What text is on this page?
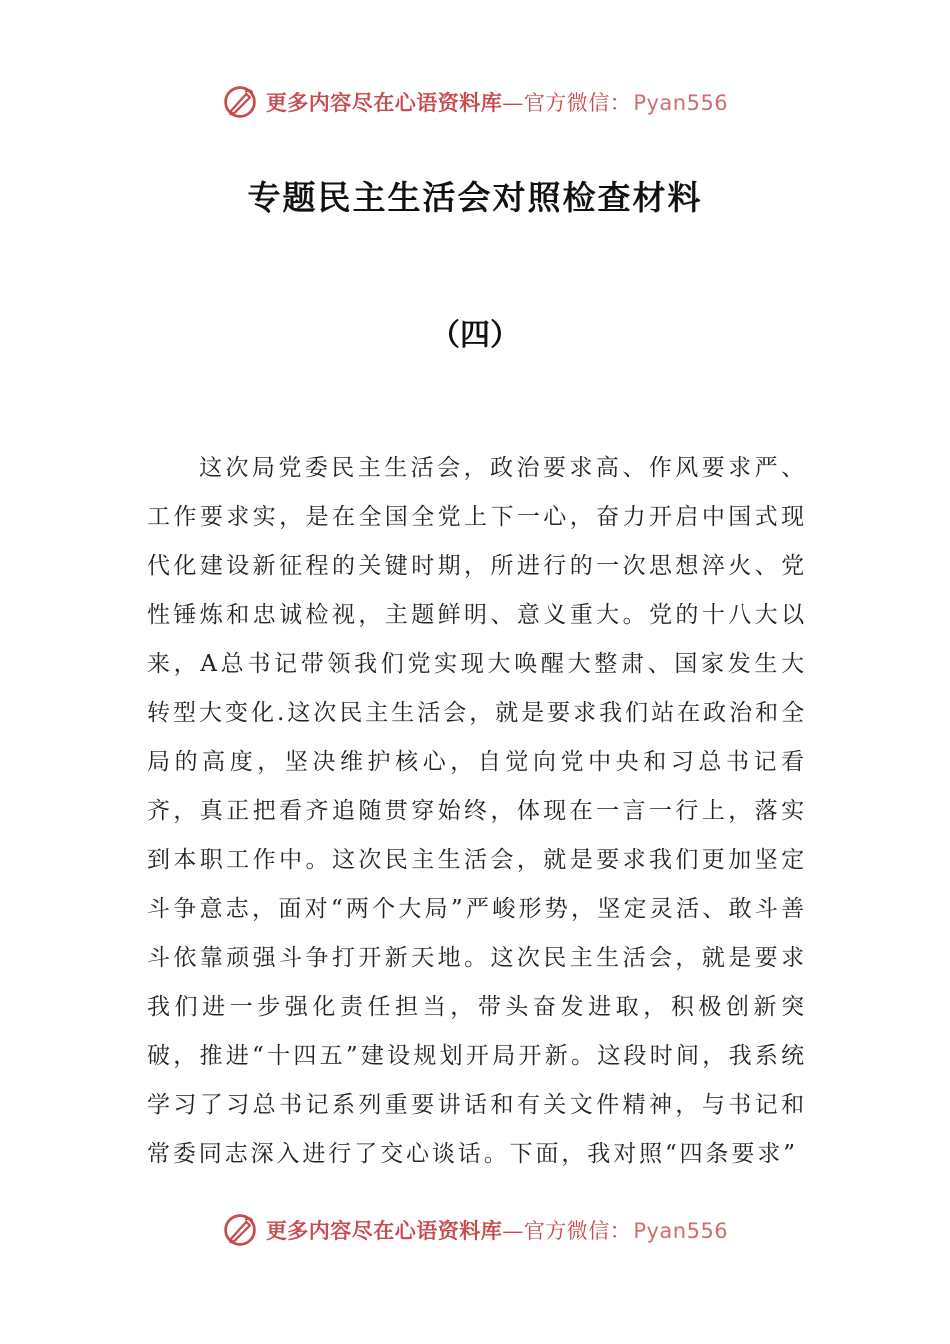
更多内容尽在心语资料库—官方微信：Pyan556
专题民主生活会对照检查材料
（四）

这次局党委民主生活会，政治要求高、作风要求严、工作要求实，是在全国全党上下一心，奋力开启中国式现代化建设新征程的关键时期，所进行的一次思想淬火、党性锤炼和忠诚检视，主题鲜明、意义重大。党的十八大以来，A总书记带领我们党实现大唤醒大整肃、国家发生大转型大变化.这次民主生活会，就是要求我们站在政治和全局的高度，坚决维护核心，自觉向党中央和习总书记看齐，真正把看齐追随贯穿始终，体现在一言一行上，落实到本职工作中。这次民主生活会，就是要求我们更加坚定斗争意志，面对“两个大局”严峻形势，坚定灵活、敢斗善斗依靠顽强斗争打开新天地。这次民主生活会，就是要求我们进一步强化责任担当，带头奋发进取，积极创新突破，推进“十四五”建设规划开局开新。这段时间，我系统学习了习总书记系列重要讲话和有关文件精神，与书记和常委同志深入进行了交心谈话。下面，我对照“四条要求”

更多内容尽在心语资料库—官方微信：Pyan556
